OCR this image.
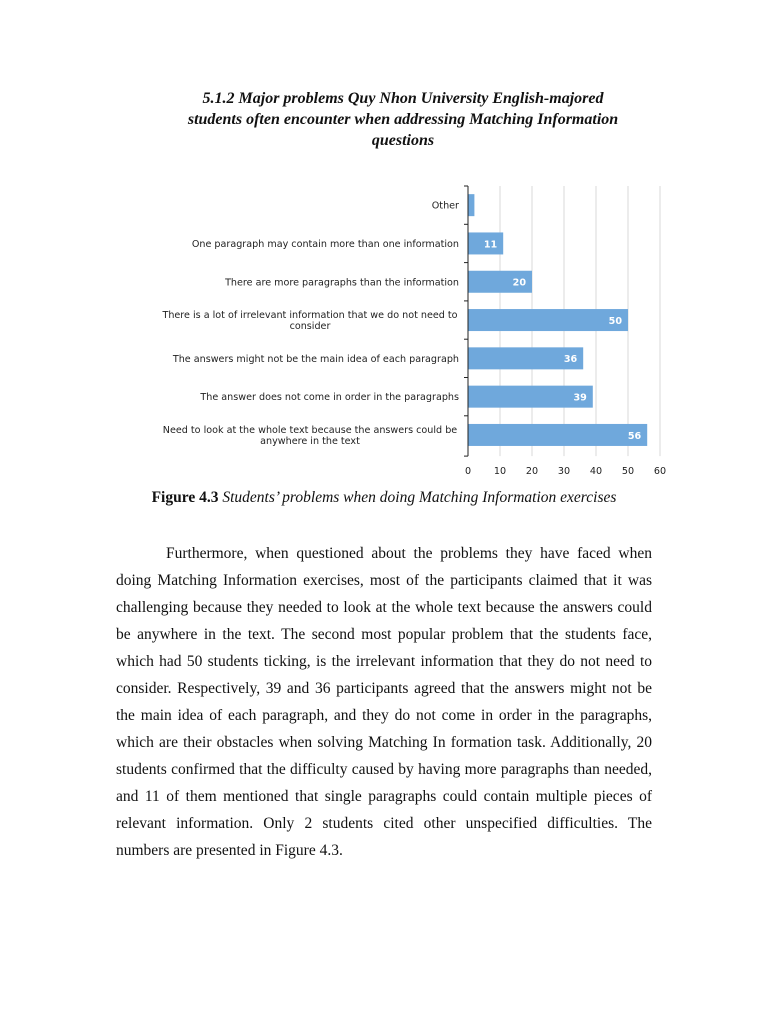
5.1.2 Major problems Quy Nhon University English-majored
students often encounter when addressing Matching Information
questions
Other 2
One paragraph may contain more than one information	11
There are more paragraphs than the information	20
There is a lot of irrelevant information that we do not need to consider	50
The answers might not be the main idea of each paragraph	36
The answer does not come in order in the paragraphs	39
Need to look at the whole text because the answers could be anywhere in the text	56
0 10 20 30 40 50 60
Figure 4.3 Students’ problems when doing Matching Information exercises

Furthermore, when questioned about the problems they have faced when doing Matching Information exercises, most of the participants claimed that it was challenging because they needed to look at the whole text because the answers could be anywhere in the text. The second most popular problem that the students face, which had 50 students ticking, is the irrelevant information that they do not need to consider. Respectively, 39 and 36 participants agreed that the answers might not be the main idea of each paragraph, and they do not come in order in the paragraphs, which are their obstacles when solving Matching In formation task. Additionally, 20 students confirmed that the difficulty caused by having more paragraphs than needed, and 11 of them mentioned that single paragraphs could contain multiple pieces of relevant information. Only 2 students cited other unspecified difficulties. The numbers are presented in Figure 4.3.
